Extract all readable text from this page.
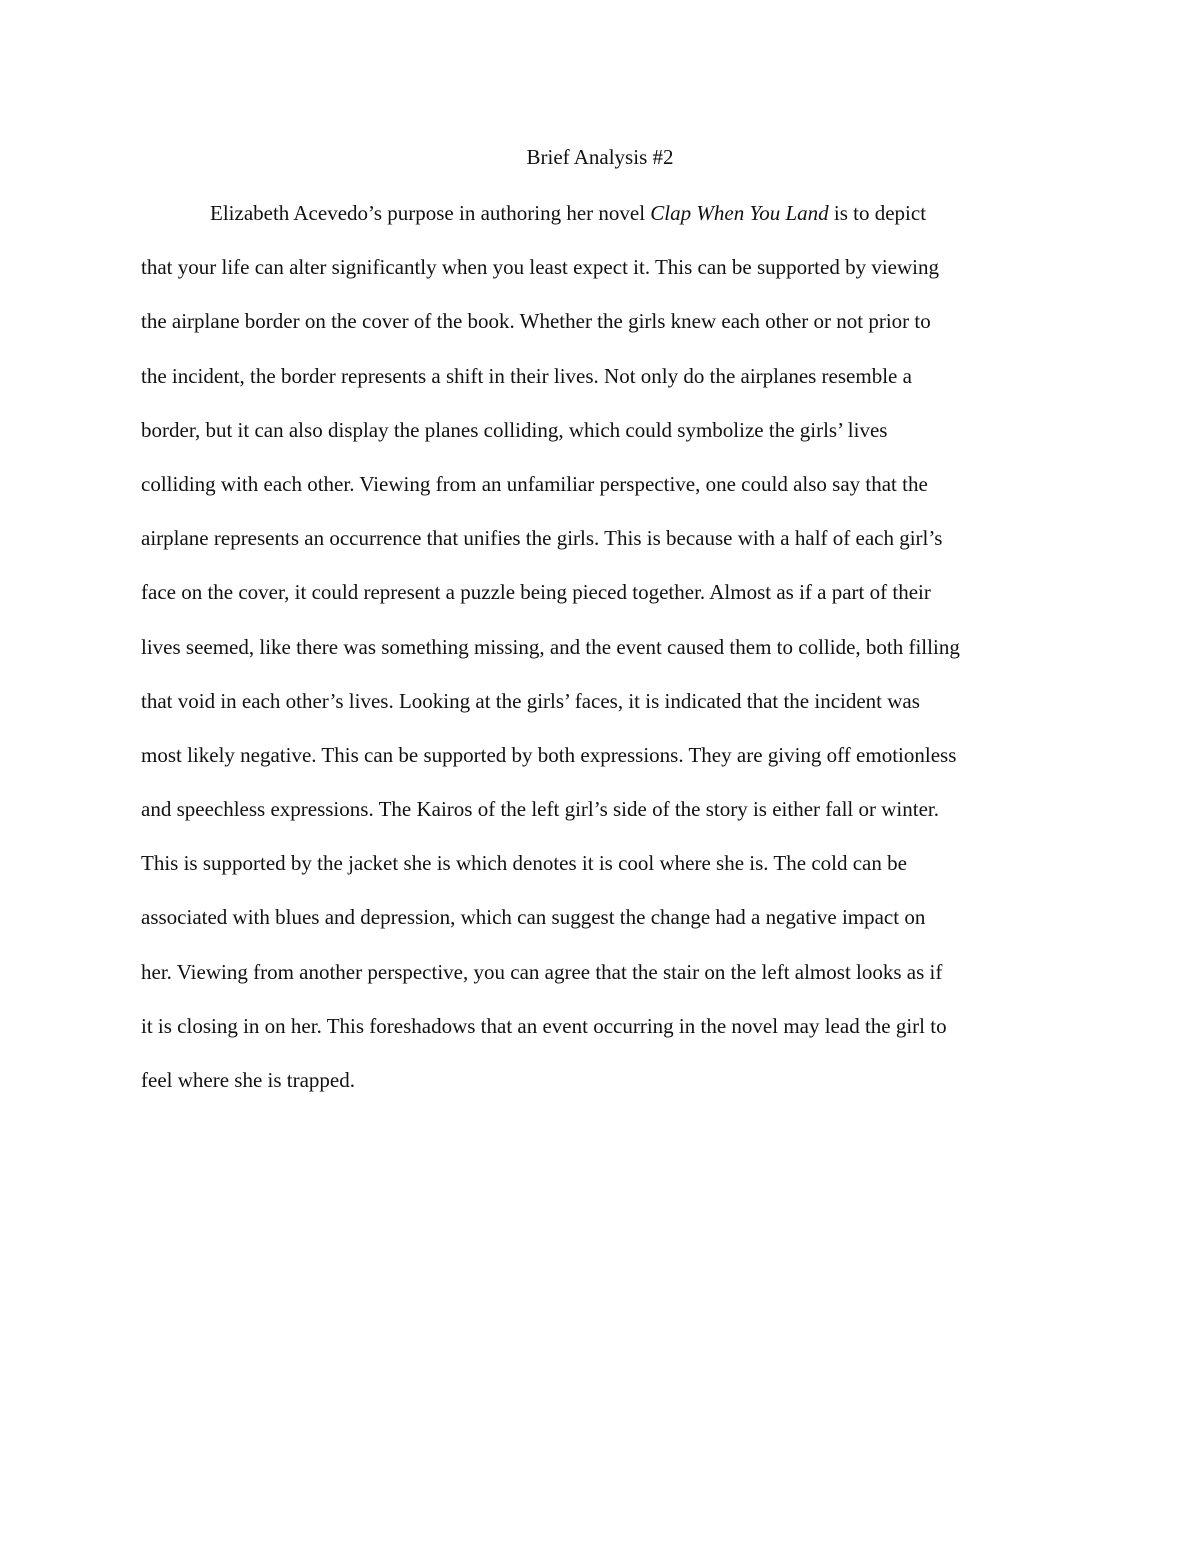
Brief Analysis #2
Elizabeth Acevedo’s purpose in authoring her novel Clap When You Land is to depict
that your life can alter significantly when you least expect it. This can be supported by viewing
the airplane border on the cover of the book. Whether the girls knew each other or not prior to
the incident, the border represents a shift in their lives. Not only do the airplanes resemble a
border, but it can also display the planes colliding, which could symbolize the girls’ lives
colliding with each other. Viewing from an unfamiliar perspective, one could also say that the
airplane represents an occurrence that unifies the girls. This is because with a half of each girl’s
face on the cover, it could represent a puzzle being pieced together. Almost as if a part of their
lives seemed, like there was something missing, and the event caused them to collide, both filling
that void in each other’s lives. Looking at the girls’ faces, it is indicated that the incident was
most likely negative. This can be supported by both expressions. They are giving off emotionless
and speechless expressions. The Kairos of the left girl’s side of the story is either fall or winter.
This is supported by the jacket she is which denotes it is cool where she is. The cold can be
associated with blues and depression, which can suggest the change had a negative impact on
her. Viewing from another perspective, you can agree that the stair on the left almost looks as if
it is closing in on her. This foreshadows that an event occurring in the novel may lead the girl to
feel where she is trapped.
